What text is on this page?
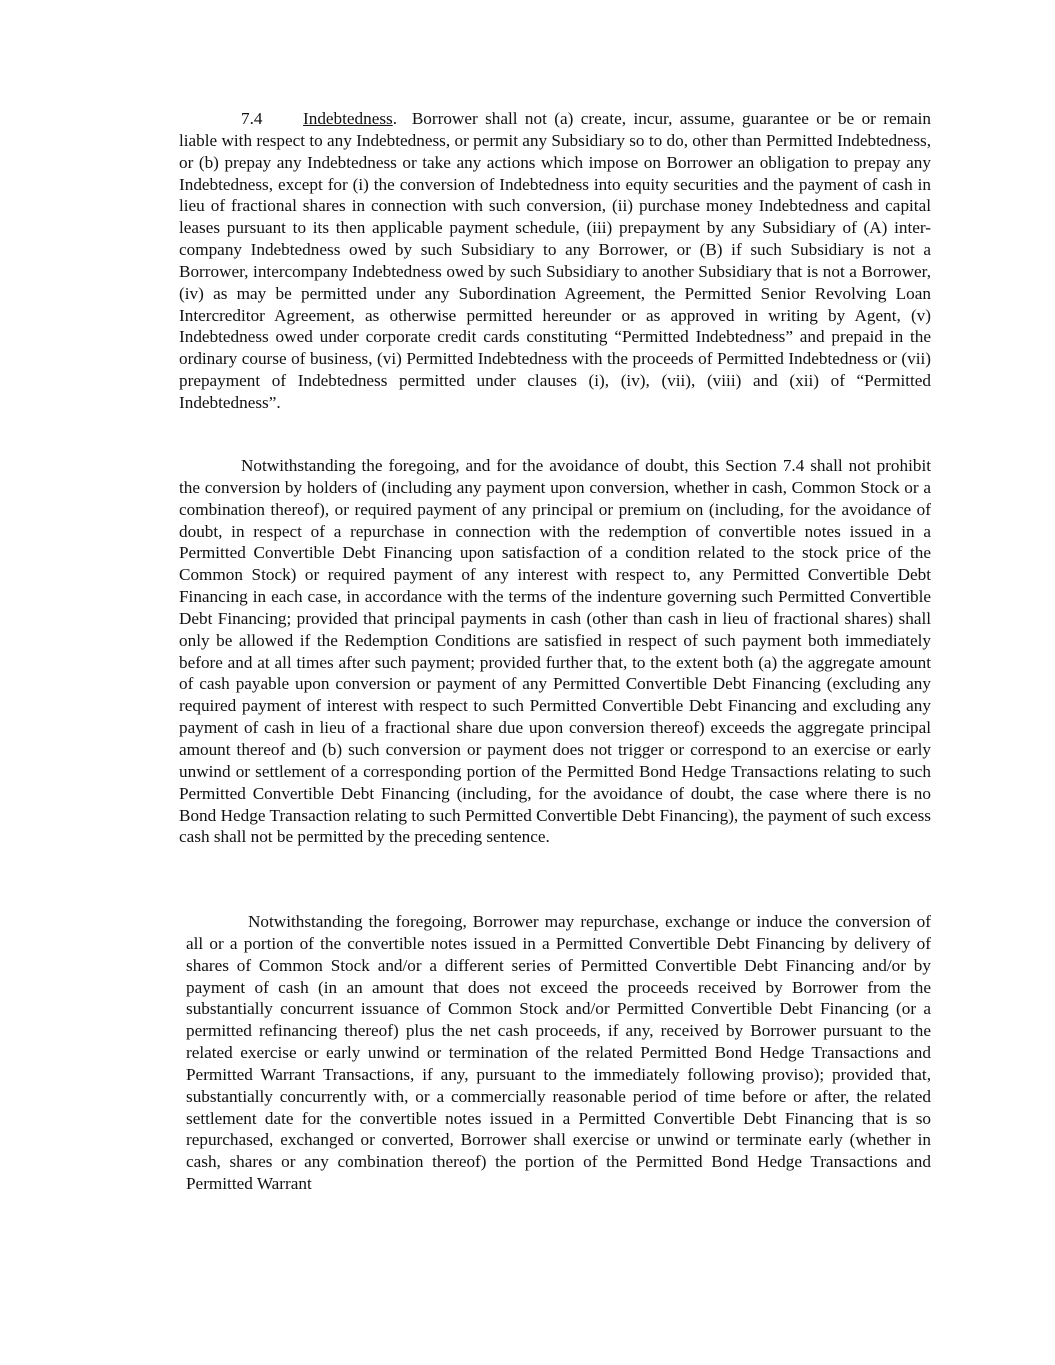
7.4 Indebtedness. Borrower shall not (a) create, incur, assume, guarantee or be or remain liable with respect to any Indebtedness, or permit any Subsidiary so to do, other than Permitted Indebtedness, or (b) prepay any Indebtedness or take any actions which impose on Borrower an obligation to prepay any Indebtedness, except for (i) the conversion of Indebtedness into equity securities and the payment of cash in lieu of fractional shares in connection with such conversion, (ii) purchase money Indebtedness and capital leases pursuant to its then applicable payment schedule, (iii) prepayment by any Subsidiary of (A) inter-company Indebtedness owed by such Subsidiary to any Borrower, or (B) if such Subsidiary is not a Borrower, intercompany Indebtedness owed by such Subsidiary to another Subsidiary that is not a Borrower, (iv) as may be permitted under any Subordination Agreement, the Permitted Senior Revolving Loan Intercreditor Agreement, as otherwise permitted hereunder or as approved in writing by Agent, (v) Indebtedness owed under corporate credit cards constituting “Permitted Indebtedness” and prepaid in the ordinary course of business, (vi) Permitted Indebtedness with the proceeds of Permitted Indebtedness or (vii) prepayment of Indebtedness permitted under clauses (i), (iv), (vii), (viii) and (xii) of “Permitted Indebtedness”.

Notwithstanding the foregoing, and for the avoidance of doubt, this Section 7.4 shall not prohibit the conversion by holders of (including any payment upon conversion, whether in cash, Common Stock or a combination thereof), or required payment of any principal or premium on (including, for the avoidance of doubt, in respect of a repurchase in connection with the redemption of convertible notes issued in a Permitted Convertible Debt Financing upon satisfaction of a condition related to the stock price of the Common Stock) or required payment of any interest with respect to, any Permitted Convertible Debt Financing in each case, in accordance with the terms of the indenture governing such Permitted Convertible Debt Financing; provided that principal payments in cash (other than cash in lieu of fractional shares) shall only be allowed if the Redemption Conditions are satisfied in respect of such payment both immediately before and at all times after such payment; provided further that, to the extent both (a) the aggregate amount of cash payable upon conversion or payment of any Permitted Convertible Debt Financing (excluding any required payment of interest with respect to such Permitted Convertible Debt Financing and excluding any payment of cash in lieu of a fractional share due upon conversion thereof) exceeds the aggregate principal amount thereof and (b) such conversion or payment does not trigger or correspond to an exercise or early unwind or settlement of a corresponding portion of the Permitted Bond Hedge Transactions relating to such Permitted Convertible Debt Financing (including, for the avoidance of doubt, the case where there is no Bond Hedge Transaction relating to such Permitted Convertible Debt Financing), the payment of such excess cash shall not be permitted by the preceding sentence.

Notwithstanding the foregoing, Borrower may repurchase, exchange or induce the conversion of all or a portion of the convertible notes issued in a Permitted Convertible Debt Financing by delivery of shares of Common Stock and/or a different series of Permitted Convertible Debt Financing and/or by payment of cash (in an amount that does not exceed the proceeds received by Borrower from the substantially concurrent issuance of Common Stock and/or Permitted Convertible Debt Financing (or a permitted refinancing thereof) plus the net cash proceeds, if any, received by Borrower pursuant to the related exercise or early unwind or termination of the related Permitted Bond Hedge Transactions and Permitted Warrant Transactions, if any, pursuant to the immediately following proviso); provided that, substantially concurrently with, or a commercially reasonable period of time before or after, the related settlement date for the convertible notes issued in a Permitted Convertible Debt Financing that is so repurchased, exchanged or converted, Borrower shall exercise or unwind or terminate early (whether in cash, shares or any combination thereof) the portion of the Permitted Bond Hedge Transactions and Permitted Warrant
